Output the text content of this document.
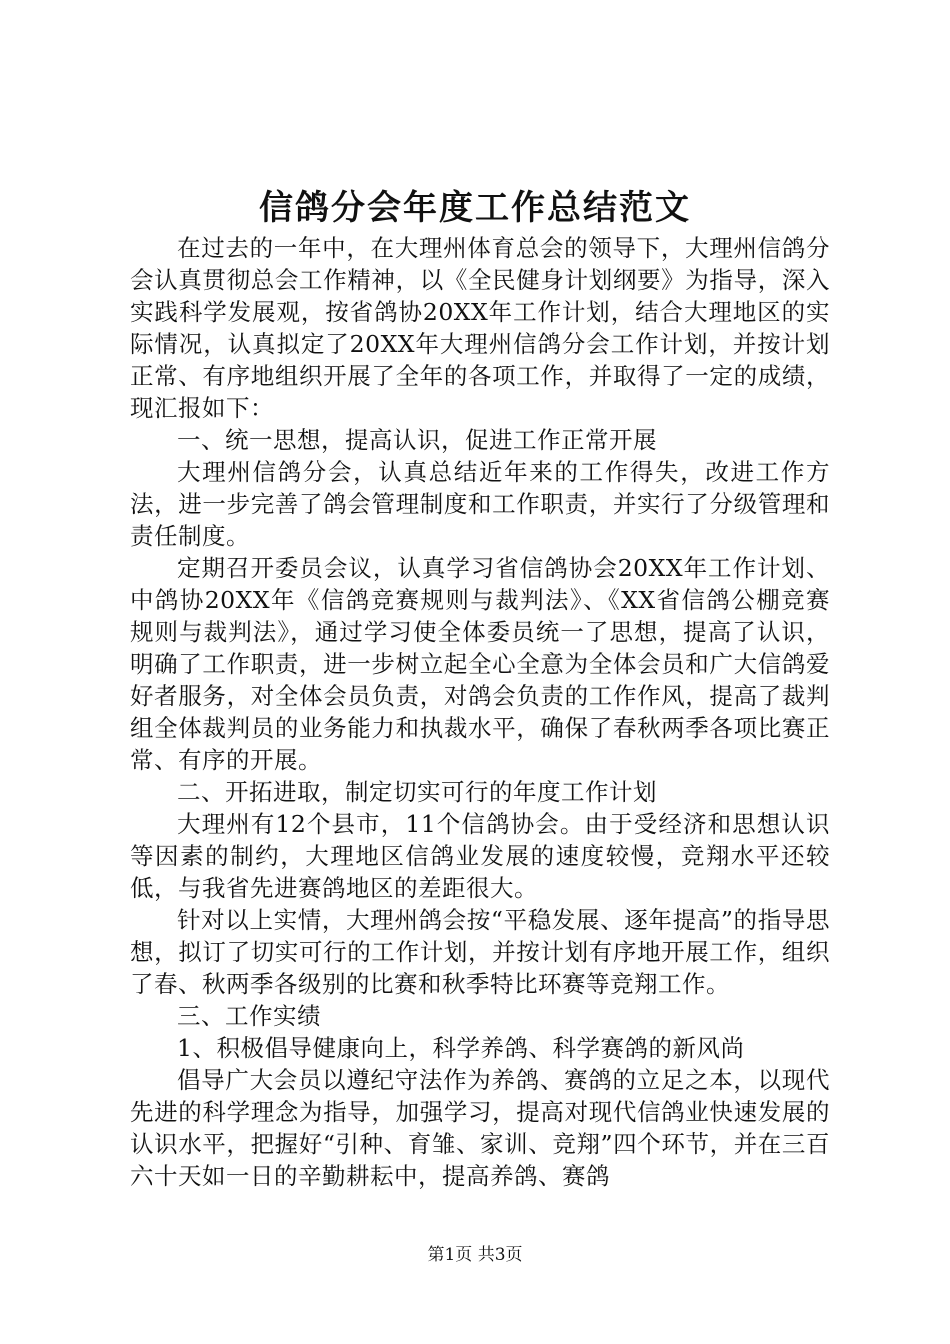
信鸽分会年度工作总结范文

在过去的一年中，在大理州体育总会的领导下，大理州信鸽分会认真贯彻总会工作精神，以《全民健身计划纲要》为指导，深入实践科学发展观，按省鸽协20XX年工作计划，结合大理地区的实际情况，认真拟定了20XX年大理州信鸽分会工作计划，并按计划正常、有序地组织开展了全年的各项工作，并取得了一定的成绩，现汇报如下：

一、统一思想，提高认识，促进工作正常开展

大理州信鸽分会，认真总结近年来的工作得失，改进工作方法，进一步完善了鸽会管理制度和工作职责，并实行了分级管理和责任制度。

定期召开委员会议，认真学习省信鸽协会20XX年工作计划、中鸽协20XX年《信鸽竞赛规则与裁判法》、《XX省信鸽公棚竞赛规则与裁判法》，通过学习使全体委员统一了思想，提高了认识，明确了工作职责，进一步树立起全心全意为全体会员和广大信鸽爱好者服务，对全体会员负责，对鸽会负责的工作作风，提高了裁判组全体裁判员的业务能力和执裁水平，确保了春秋两季各项比赛正常、有序的开展。

二、开拓进取，制定切实可行的年度工作计划

大理州有12个县市，11个信鸽协会。由于受经济和思想认识等因素的制约，大理地区信鸽业发展的速度较慢，竞翔水平还较低，与我省先进赛鸽地区的差距很大。

针对以上实情，大理州鸽会按“平稳发展、逐年提高”的指导思想，拟订了切实可行的工作计划，并按计划有序地开展工作，组织了春、秋两季各级别的比赛和秋季特比环赛等竞翔工作。

三、工作实绩

1、积极倡导健康向上，科学养鸽、科学赛鸽的新风尚

倡导广大会员以遵纪守法作为养鸽、赛鸽的立足之本，以现代先进的科学理念为指导，加强学习，提高对现代信鸽业快速发展的认识水平，把握好“引种、育雏、家训、竞翔”四个环节，并在三百六十天如一日的辛勤耕耘中，提高养鸽、赛鸽

第1页 共3页
